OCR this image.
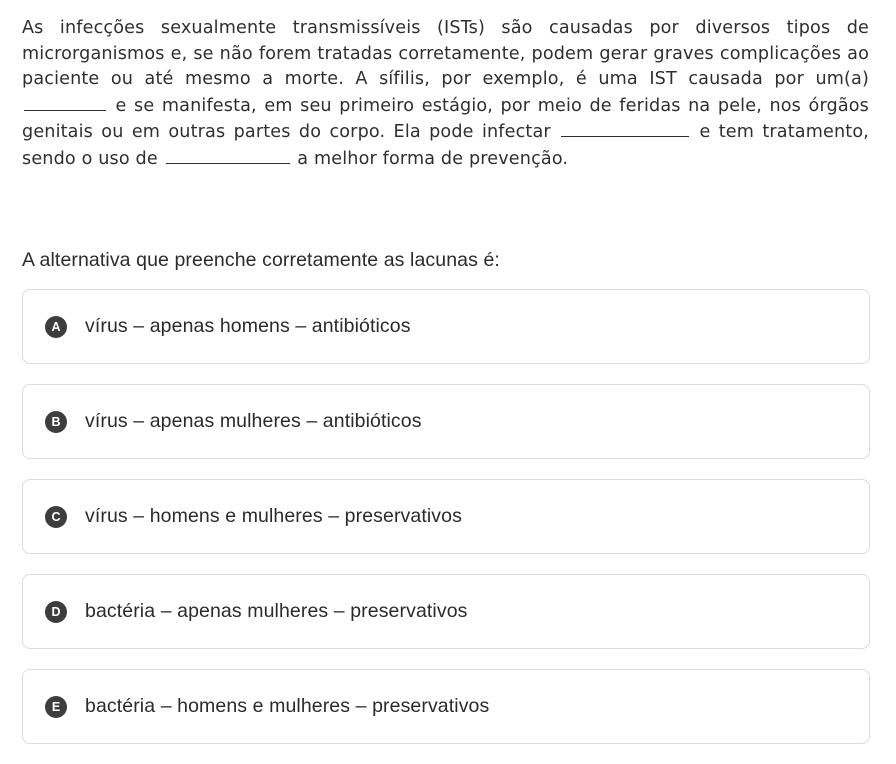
As infecções sexualmente transmissíveis (ISTs) são causadas por diversos tipos de microrganismos e, se não forem tratadas corretamente, podem gerar graves complicações ao paciente ou até mesmo a morte. A sífilis, por exemplo, é uma IST causada por um(a)  e se manifesta, em seu primeiro estágio, por meio de feridas na pele, nos órgãos genitais ou em outras partes do corpo. Ela pode infectar	e tem tratamento, sendo o uso de	a melhor forma de prevenção.
A alternativa que preenche corretamente as lacunas é:
A	vírus – apenas homens – antibióticos
B	vírus – apenas mulheres – antibióticos
C	vírus – homens e mulheres – preservativos
D	bactéria – apenas mulheres – preservativos
E	bactéria – homens e mulheres – preservativos
